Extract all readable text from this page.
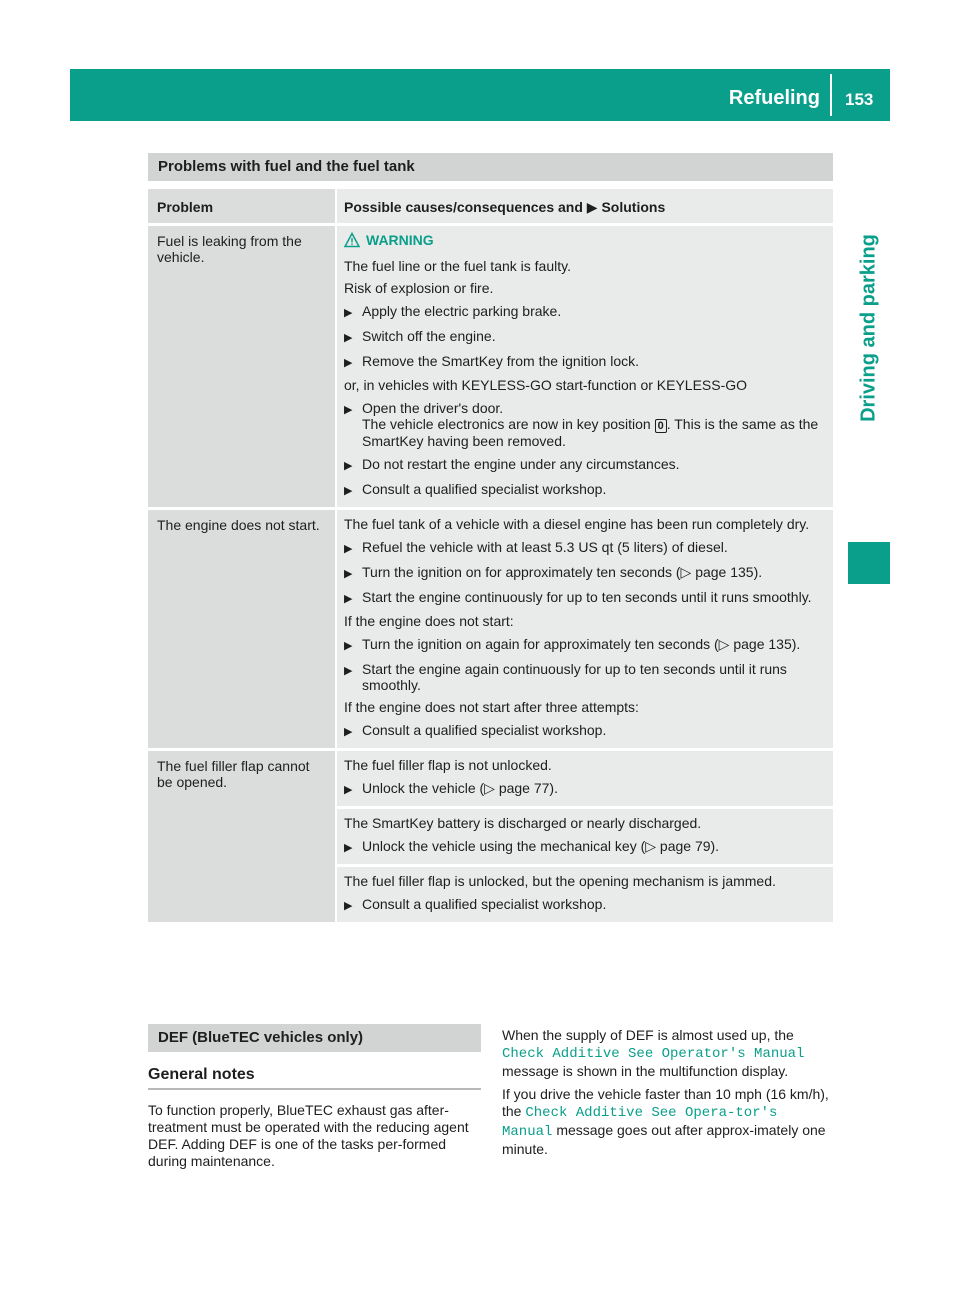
Refueling 153
Driving and parking
Problems with fuel and the fuel tank
Problem	Possible causes/consequences and ▶ Solutions
Fuel is leaking from the vehicle.
WARNING
The fuel line or the fuel tank is faulty.
Risk of explosion or fire.
▶ Apply the electric parking brake.
▶ Switch off the engine.
▶ Remove the SmartKey from the ignition lock.
or, in vehicles with KEYLESS-GO start-function or KEYLESS-GO
▶ Open the driver's door.
The vehicle electronics are now in key position 0 . This is the same as the SmartKey having been removed.
▶ Do not restart the engine under any circumstances.
▶ Consult a qualified specialist workshop.
The engine does not start.	The fuel tank of a vehicle with a diesel engine has been run completely dry.
▶ Refuel the vehicle with at least 5.3 US qt (5 liters) of diesel.
▶ Turn the ignition on for approximately ten seconds (▷ page 135).
▶ Start the engine continuously for up to ten seconds until it runs smoothly.
If the engine does not start:
▶ Turn the ignition on again for approximately ten seconds (▷ page 135).
▶ Start the engine again continuously for up to ten seconds until it runs smoothly.
If the engine does not start after three attempts:
▶ Consult a qualified specialist workshop.
The fuel filler flap cannot be opened.
The fuel filler flap is not unlocked.
▶ Unlock the vehicle (▷ page 77).
The SmartKey battery is discharged or nearly discharged.
▶ Unlock the vehicle using the mechanical key (▷ page 79).
The fuel filler flap is unlocked, but the opening mechanism is jammed.
▶ Consult a qualified specialist workshop.
DEF (BlueTEC vehicles only)
General notes
To function properly, BlueTEC exhaust gas after-treatment must be operated with the reducing agent DEF. Adding DEF is one of the tasks per-formed during maintenance.
When the supply of DEF is almost used up, the Check Additive See Operator's Manual message is shown in the multifunction display.
If you drive the vehicle faster than 10 mph (16 km/h), the Check Additive See Opera‐tor's Manual message goes out after approx-imately one minute.
